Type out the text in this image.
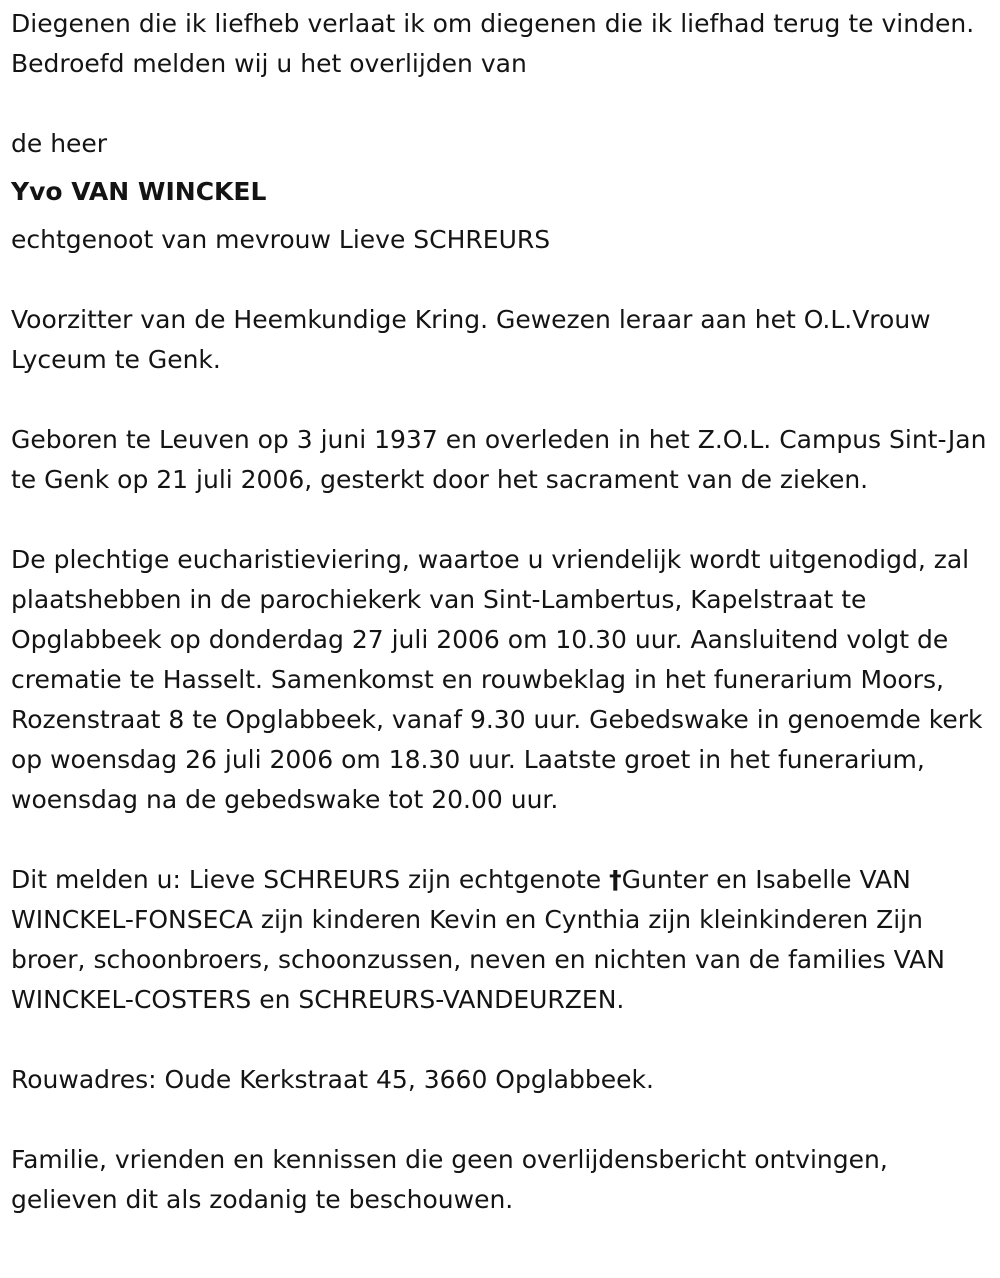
Diegenen die ik liefheb verlaat ik om diegenen die ik liefhad terug te vinden. Bedroefd melden wij u het overlijden van

de heer

Yvo VAN WINCKEL

echtgenoot van mevrouw Lieve SCHREURS

Voorzitter van de Heemkundige Kring. Gewezen leraar aan het O.L.Vrouw Lyceum te Genk.

Geboren te Leuven op 3 juni 1937 en overleden in het Z.O.L. Campus Sint-Jan te Genk op 21 juli 2006, gesterkt door het sacrament van de zieken.

De plechtige eucharistieviering, waartoe u vriendelijk wordt uitgenodigd, zal plaatshebben in de parochiekerk van Sint-Lambertus, Kapelstraat te Opglabbeek op donderdag 27 juli 2006 om 10.30 uur. Aansluitend volgt de crematie te Hasselt. Samenkomst en rouwbeklag in het funerarium Moors, Rozenstraat 8 te Opglabbeek, vanaf 9.30 uur. Gebedswake in genoemde kerk op woensdag 26 juli 2006 om 18.30 uur. Laatste groet in het funerarium, woensdag na de gebedswake tot 20.00 uur.

Dit melden u: Lieve SCHREURS zijn echtgenote †Gunter en Isabelle VAN WINCKEL-FONSECA zijn kinderen Kevin en Cynthia zijn kleinkinderen Zijn broer, schoonbroers, schoonzussen, neven en nichten van de families VAN WINCKEL-COSTERS en SCHREURS-VANDEURZEN.

Rouwadres: Oude Kerkstraat 45, 3660 Opglabbeek.

Familie, vrienden en kennissen die geen overlijdensbericht ontvingen, gelieven dit als zodanig te beschouwen.
